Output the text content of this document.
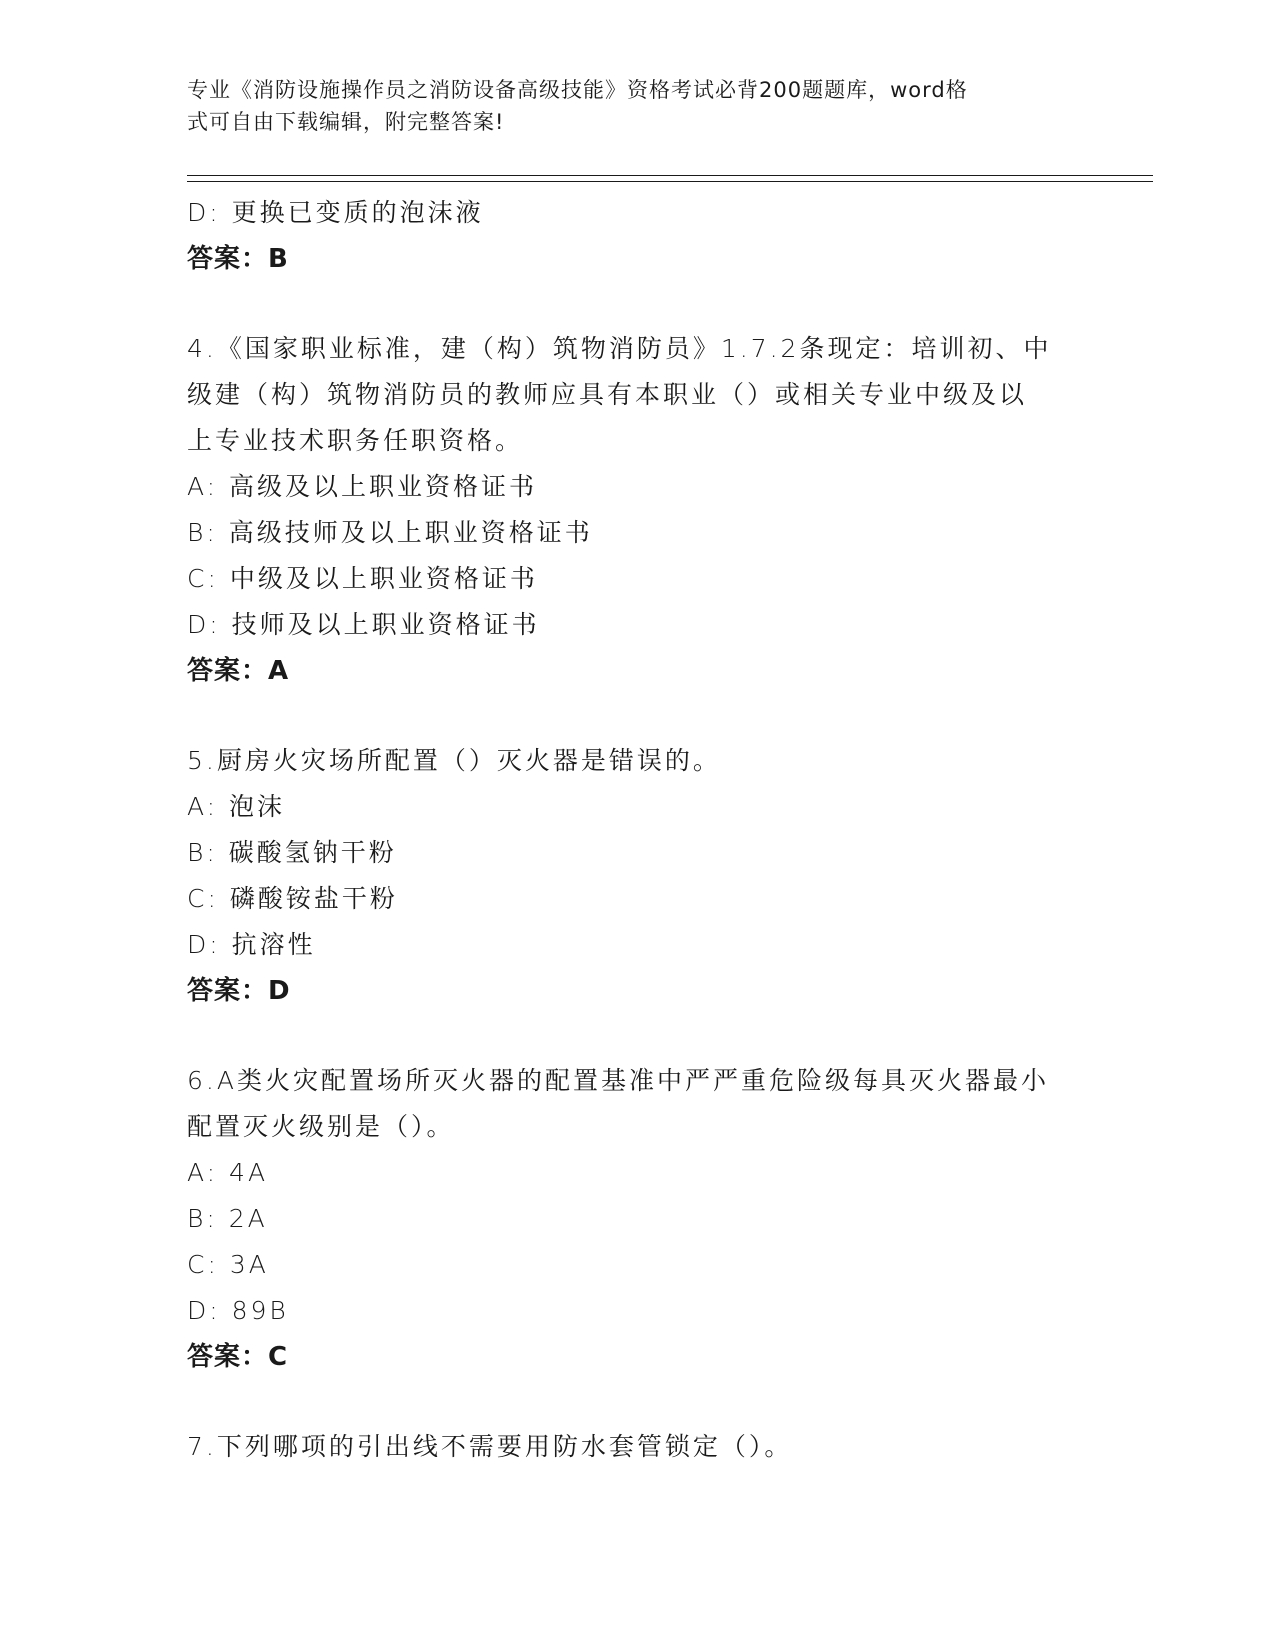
专业《消防设施操作员之消防设备高级技能》资格考试必背200题题库，word格
式可自由下载编辑，附完整答案!
D: 更换已变质的泡沫液
答案：B
4.《国家职业标准，建（构）筑物消防员》1.7.2条现定：培训初、中
级建（构）筑物消防员的教师应具有本职业（）或相关专业中级及以
上专业技术职务任职资格。
A: 高级及以上职业资格证书
B: 高级技师及以上职业资格证书
C: 中级及以上职业资格证书
D: 技师及以上职业资格证书
答案：A
5.厨房火灾场所配置（）灭火器是错误的。
A: 泡沫
B: 碳酸氢钠干粉
C: 磷酸铵盐干粉
D: 抗溶性
答案：D
6.A类火灾配置场所灭火器的配置基准中严严重危险级每具灭火器最小
配置灭火级别是（）。
A: 4A
B: 2A
C: 3A
D: 89B
答案：C
7.下列哪项的引出线不需要用防水套管锁定（）。
